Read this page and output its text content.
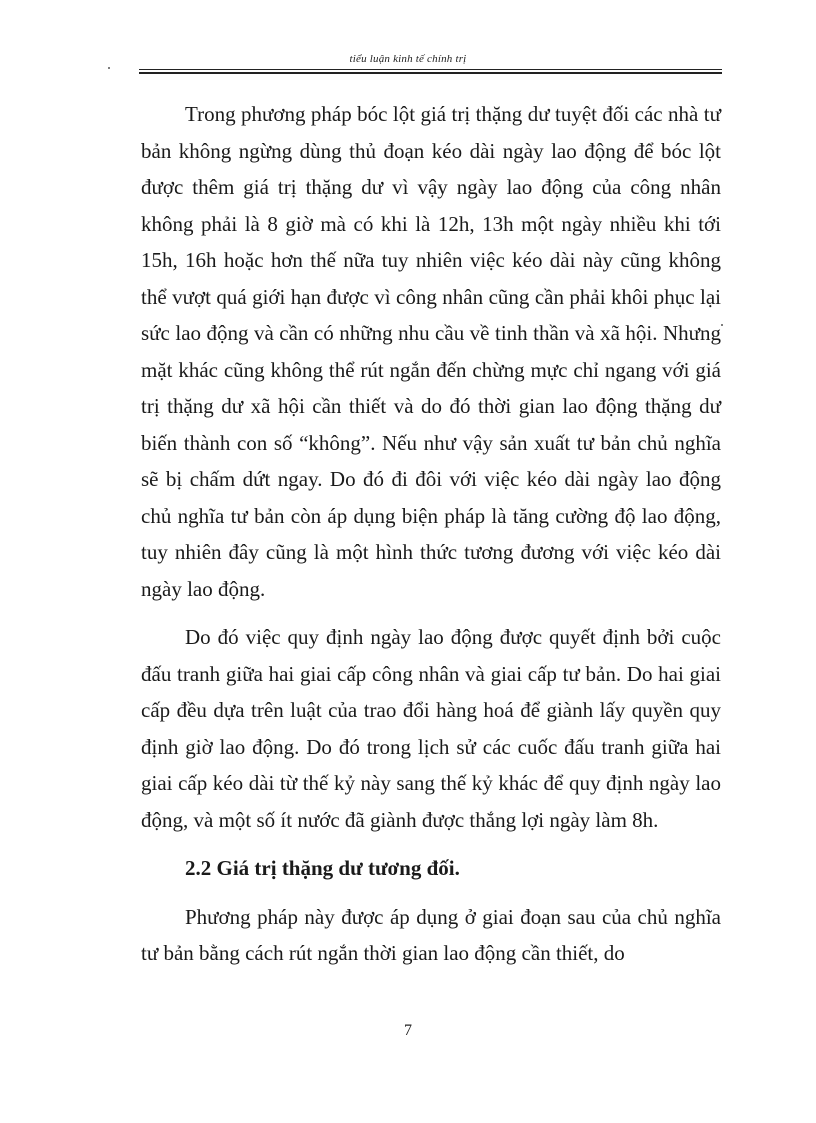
tiểu luận kinh tế chính trị

Trong phương pháp bóc lột giá trị thặng dư tuyệt đối các nhà tư bản không ngừng dùng thủ đoạn kéo dài ngày lao động để bóc lột được thêm giá trị thặng dư vì vậy ngày lao động của công nhân không phải là 8 giờ mà có khi là 12h, 13h một ngày nhiều khi tới 15h, 16h hoặc hơn thế nữa tuy nhiên việc kéo dài này cũng không thể vượt quá giới hạn được vì công nhân cũng cần phải khôi phục lại sức lao động và cần có những nhu cầu về tinh thần và xã hội. Nhưng mặt khác cũng không thể rút ngắn đến chừng mực chỉ ngang với giá trị thặng dư xã hội cần thiết và do đó thời gian lao động thặng dư biến thành con số “không”. Nếu như vậy sản xuất tư bản chủ nghĩa sẽ bị chấm dứt ngay. Do đó đi đôi với việc kéo dài ngày lao động chủ nghĩa tư bản còn áp dụng biện pháp là tăng cường độ lao động, tuy nhiên đây cũng là một hình thức tương đương với việc kéo dài ngày lao động.

Do đó việc quy định ngày lao động được quyết định bởi cuộc đấu tranh giữa hai giai cấp công nhân và giai cấp tư bản. Do hai giai cấp đều dựa trên luật của trao đổi hàng hoá để giành lấy quyền quy định giờ lao động. Do đó trong lịch sử các cuốc đấu tranh giữa hai giai cấp kéo dài từ thế kỷ này sang thế kỷ khác để quy định ngày lao động, và một số ít nước đã giành được thắng lợi ngày làm 8h.

2.2 Giá trị thặng dư tương đối.

Phương pháp này được áp dụng ở giai đoạn sau của chủ nghĩa tư bản bằng cách rút ngắn thời gian lao động cần thiết, do

7
